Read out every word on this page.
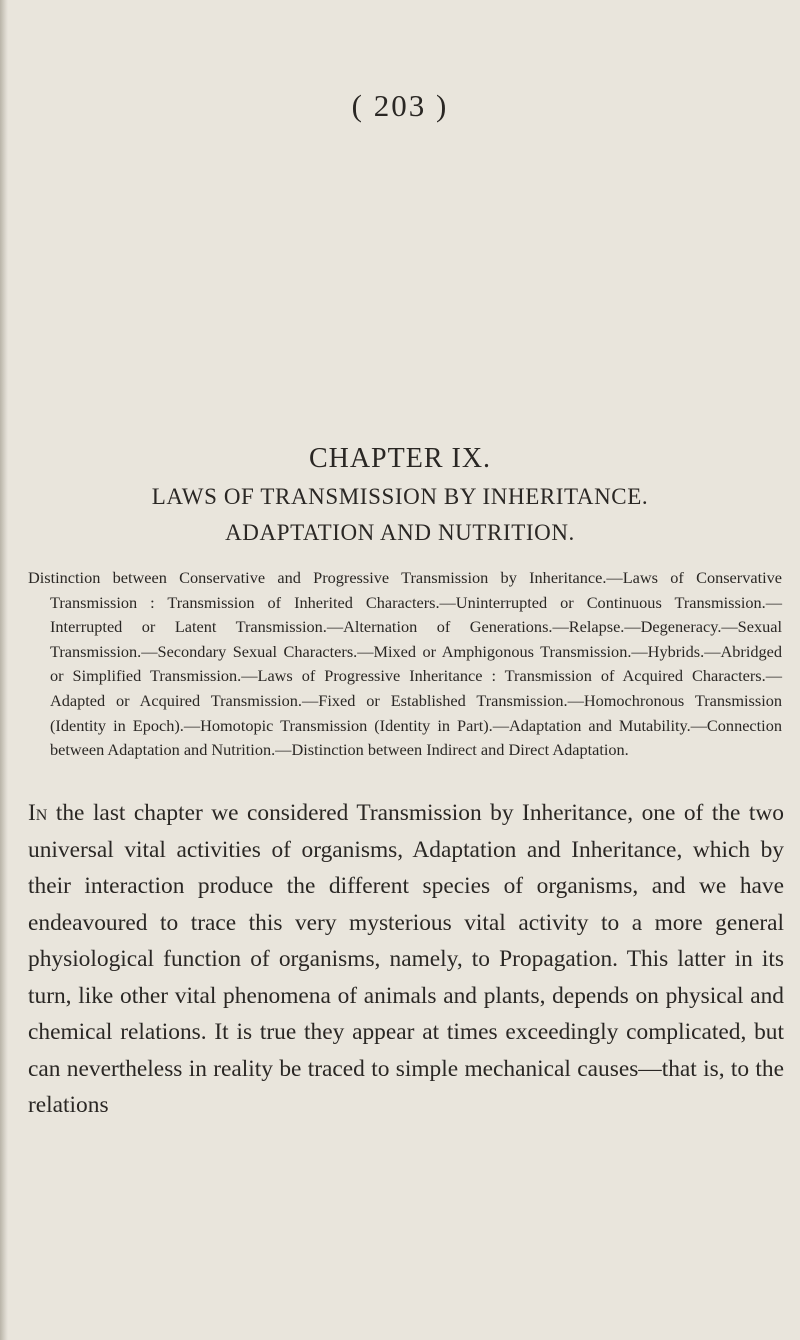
( 203 )
CHAPTER IX.
LAWS OF TRANSMISSION BY INHERITANCE.
ADAPTATION AND NUTRITION.

Distinction between Conservative and Progressive Transmission by Inheritance.—Laws of Conservative Transmission : Transmission of Inherited Characters.—Uninterrupted or Continuous Transmission.—Interrupted or Latent Transmission.—Alternation of Generations.—Relapse.—Degeneracy.—Sexual Transmission.—Secondary Sexual Characters.—Mixed or Amphigonous Transmission.—Hybrids.—Abridged or Simplified Transmission.—Laws of Progressive Inheritance : Transmission of Acquired Characters.—Adapted or Acquired Transmission.—Fixed or Established Transmission.—Homochronous Transmission (Identity in Epoch).—Homotopic Transmission (Identity in Part).—Adaptation and Mutability.—Connection between Adaptation and Nutrition.—Distinction between Indirect and Direct Adaptation.

In the last chapter we considered Transmission by Inheritance, one of the two universal vital activities of organisms, Adaptation and Inheritance, which by their interaction produce the different species of organisms, and we have endeavoured to trace this very mysterious vital activity to a more general physiological function of organisms, namely, to Propagation. This latter in its turn, like other vital phenomena of animals and plants, depends on physical and chemical relations. It is true they appear at times exceedingly complicated, but can nevertheless in reality be traced to simple mechanical causes—that is, to the relations
